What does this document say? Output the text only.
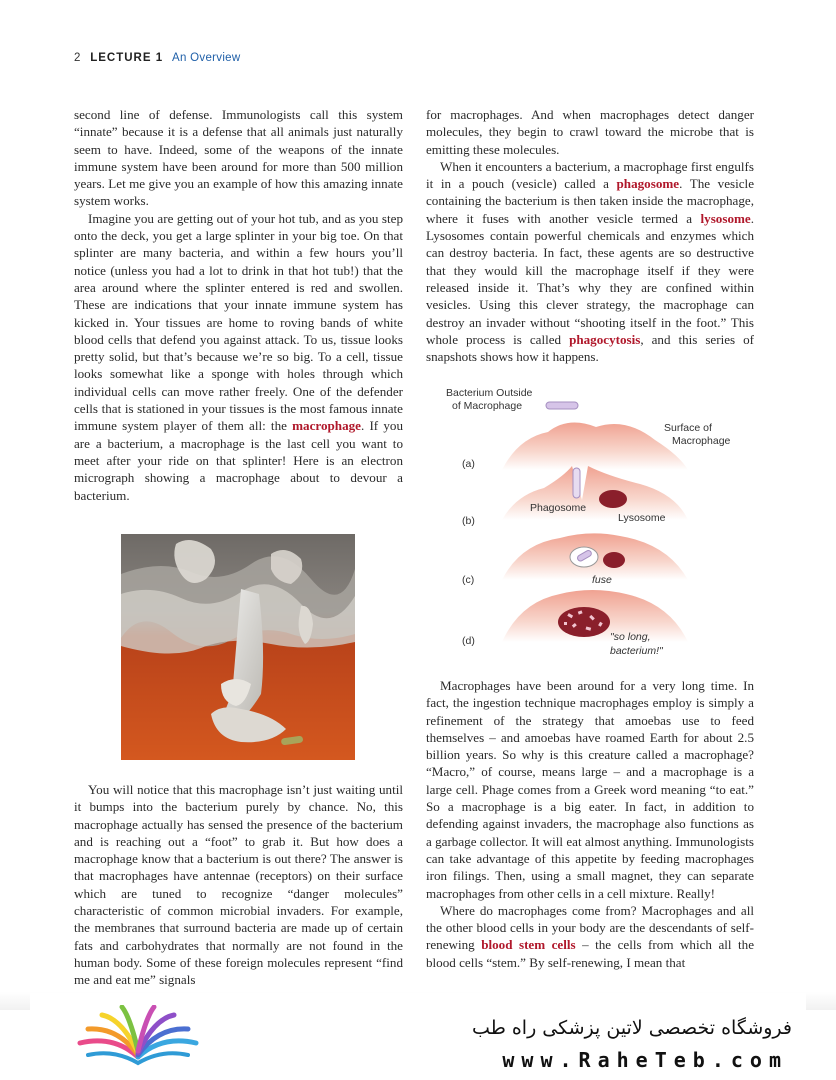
2 LECTURE 1 An Overview

second line of defense. Immunologists call this system “innate” because it is a defense that all animals just naturally seem to have. Indeed, some of the weapons of the innate immune system have been around for more than 500 million years. Let me give you an example of how this amazing innate system works.

Imagine you are getting out of your hot tub, and as you step onto the deck, you get a large splinter in your big toe. On that splinter are many bacteria, and within a few hours you’ll notice (unless you had a lot to drink in that hot tub!) that the area around where the splinter entered is red and swollen. These are indications that your innate immune system has kicked in. Your tissues are home to roving bands of white blood cells that defend you against attack. To us, tissue looks pretty solid, but that’s because we’re so big. To a cell, tissue looks somewhat like a sponge with holes through which individual cells can move rather freely. One of the defender cells that is stationed in your tissues is the most famous innate immune system player of them all: the macrophage. If you are a bacterium, a macrophage is the last cell you want to meet after your ride on that splinter! Here is an electron micrograph showing a macrophage about to devour a bacterium.

You will notice that this macrophage isn’t just waiting until it bumps into the bacterium purely by chance. No, this macrophage actually has sensed the presence of the bacterium and is reaching out a “foot” to grab it. But how does a macrophage know that a bacterium is out there? The answer is that macrophages have antennae (receptors) on their surface which are tuned to recognize “danger molecules” characteristic of common microbial invaders. For example, the membranes that surround bacteria are made up of certain fats and carbohydrates that normally are not found in the human body. Some of these foreign molecules represent “find me and eat me” signals

for macrophages. And when macrophages detect danger molecules, they begin to crawl toward the microbe that is emitting these molecules.

When it encounters a bacterium, a macrophage first engulfs it in a pouch (vesicle) called a phagosome. The vesicle containing the bacterium is then taken inside the macrophage, where it fuses with another vesicle termed a lysosome. Lysosomes contain powerful chemicals and enzymes which can destroy bacteria. In fact, these agents are so destructive that they would kill the macrophage itself if they were released inside it. That’s why they are confined within vesicles. Using this clever strategy, the macrophage can destroy an invader without “shooting itself in the foot.” This whole process is called phagocytosis, and this series of snapshots shows how it happens.

Bacterium Outside
of Macrophage
Surface of
Macrophage
(a)
Phagosome
Lysosome
(b)
fuse
(c)
"so long,
bacterium!"
(d)

Macrophages have been around for a very long time. In fact, the ingestion technique macrophages employ is simply a refinement of the strategy that amoebas use to feed themselves – and amoebas have roamed Earth for about 2.5 billion years. So why is this creature called a macrophage? “Macro,” of course, means large – and a macrophage is a large cell. Phage comes from a Greek word meaning “to eat.” So a macrophage is a big eater. In fact, in addition to defending against invaders, the macrophage also functions as a garbage collector. It will eat almost anything. Immunologists can take advantage of this appetite by feeding macrophages iron filings. Then, using a small magnet, they can separate macrophages from other cells in a cell mixture. Really!

Where do macrophages come from? Macrophages and all the other blood cells in your body are the descendants of self-renewing blood stem cells – the cells from which all the blood cells “stem.” By self-renewing, I mean that

فروشگاه تخصصی لاتین پزشکی راه طب
www.RaheTeb.com
